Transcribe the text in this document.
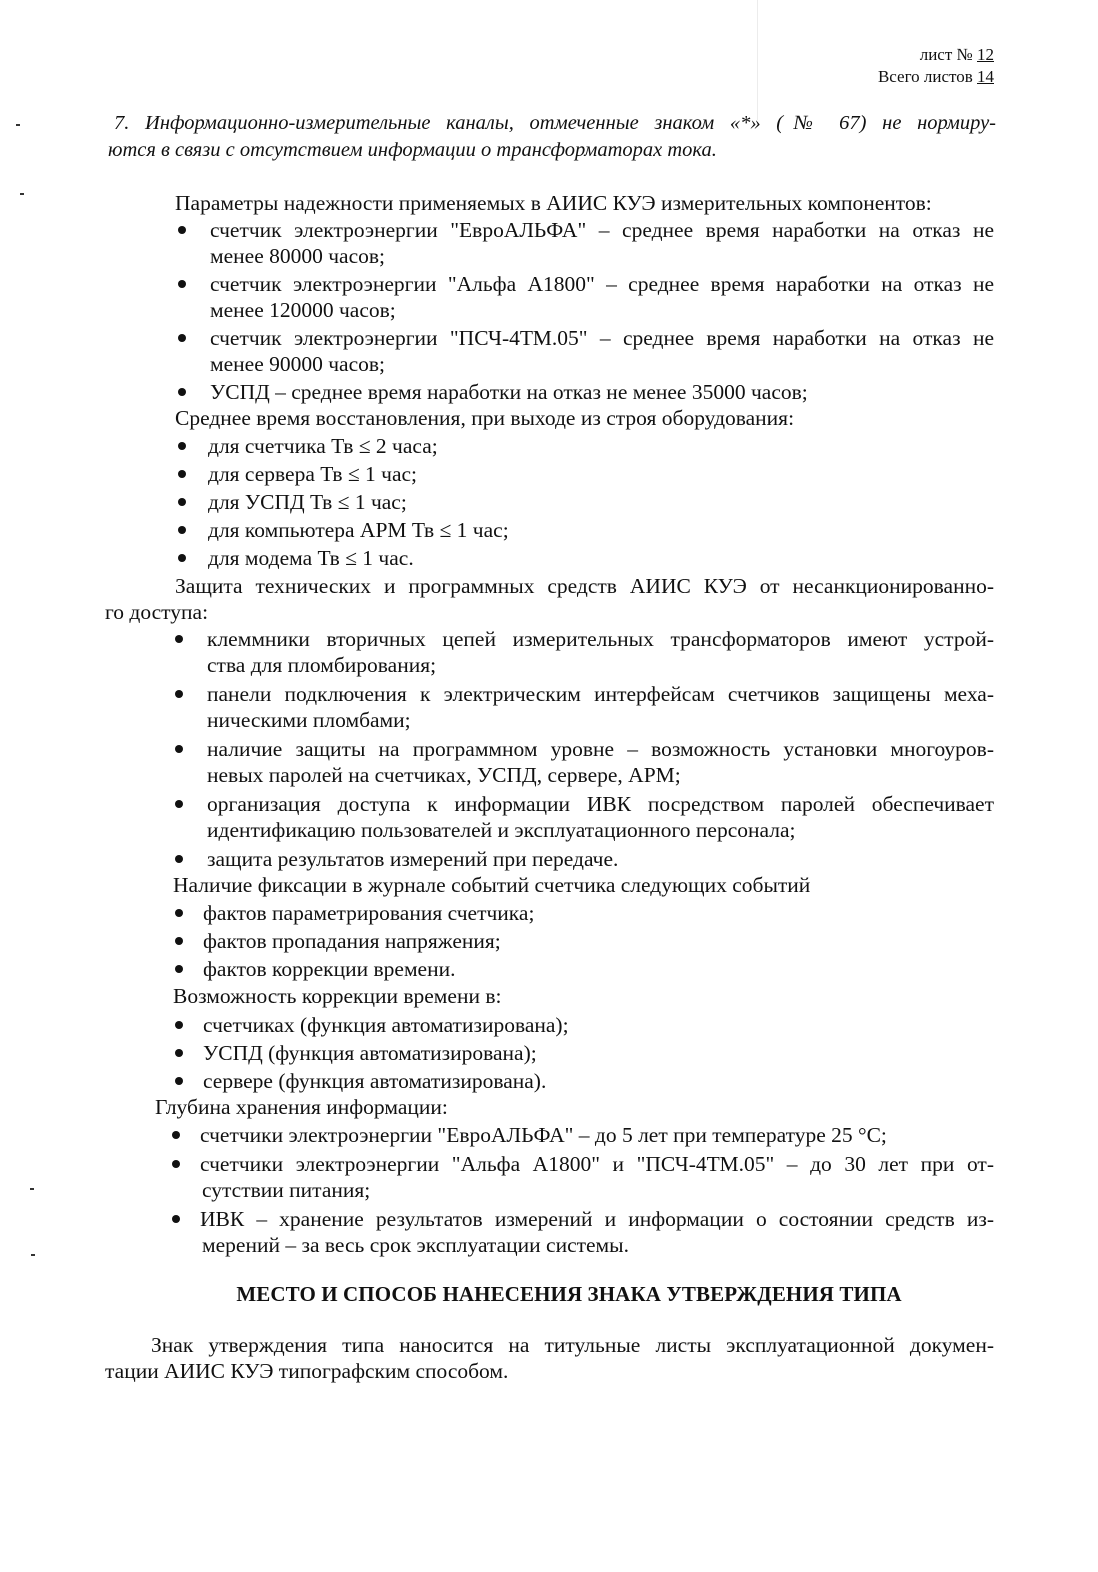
лист № 12
Всего листов 14
7. Информационно-измерительные каналы, отмеченные знаком «*» (№ 67) не нормиру-
ются в связи с отсутствием информации о трансформаторах тока.
Параметры надежности применяемых в АИИС КУЭ измерительных компонентов:
счетчик электроэнергии "ЕвроАЛЬФА" – среднее время наработки на отказ не
менее 80000 часов;
счетчик электроэнергии "Альфа А1800" – среднее время наработки на отказ не
менее 120000 часов;
счетчик электроэнергии "ПСЧ-4ТМ.05" – среднее время наработки на отказ не
менее 90000 часов;
УСПД – среднее время наработки на отказ не менее 35000 часов;
Среднее время восстановления, при выходе из строя оборудования:
для счетчика Тв ≤ 2 часа;
для сервера Тв ≤ 1 час;
для УСПД Тв ≤ 1 час;
для компьютера АРМ Тв ≤ 1 час;
для модема Тв ≤ 1 час.
Защита технических и программных средств АИИС КУЭ от несанкционированно-
го доступа:
клеммники вторичных цепей измерительных трансформаторов имеют устрой-
ства для пломбирования;
панели подключения к электрическим интерфейсам счетчиков защищены меха-
ническими пломбами;
наличие защиты на программном уровне – возможность установки многоуров-
невых паролей на счетчиках, УСПД, сервере, АРМ;
организация доступа к информации ИВК посредством паролей обеспечивает
идентификацию пользователей и эксплуатационного персонала;
защита результатов измерений при передаче.
Наличие фиксации в журнале событий счетчика следующих событий
фактов параметрирования счетчика;
фактов пропадания напряжения;
фактов коррекции времени.
Возможность коррекции времени в:
счетчиках (функция автоматизирована);
УСПД (функция автоматизирована);
сервере (функция автоматизирована).
Глубина хранения информации:
счетчики электроэнергии "ЕвроАЛЬФА" – до 5 лет при температуре 25 °С;
счетчики электроэнергии "Альфа А1800" и "ПСЧ-4ТМ.05" – до 30 лет при от-
сутствии питания;
ИВК – хранение результатов измерений и информации о состоянии средств из-
мерений – за весь срок эксплуатации системы.
МЕСТО И СПОСОБ НАНЕСЕНИЯ ЗНАКА УТВЕРЖДЕНИЯ ТИПА
Знак утверждения типа наносится на титульные листы эксплуатационной докумен-
тации АИИС КУЭ типографским способом.
